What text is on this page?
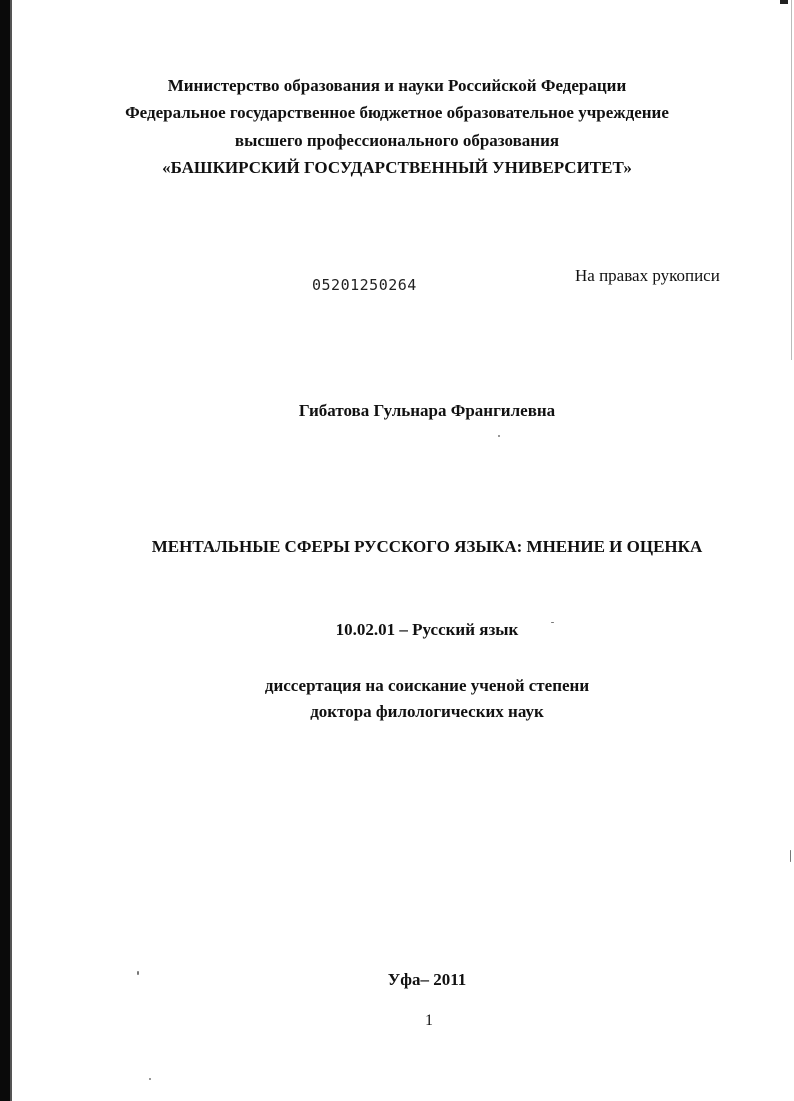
Министерство образования и науки Российской Федерации
Федеральное государственное бюджетное образовательное учреждение
высшего профессионального образования
«БАШКИРСКИЙ ГОСУДАРСТВЕННЫЙ УНИВЕРСИТЕТ»
05201250264	На правах рукописи
Гибатова Гульнара Франгилевна
МЕНТАЛЬНЫЕ СФЕРЫ РУССКОГО ЯЗЫКА: МНЕНИЕ И ОЦЕНКА
10.02.01 – Русский язык
диссертация на соискание ученой степени
доктора филологических наук
Уфа– 2011
1
